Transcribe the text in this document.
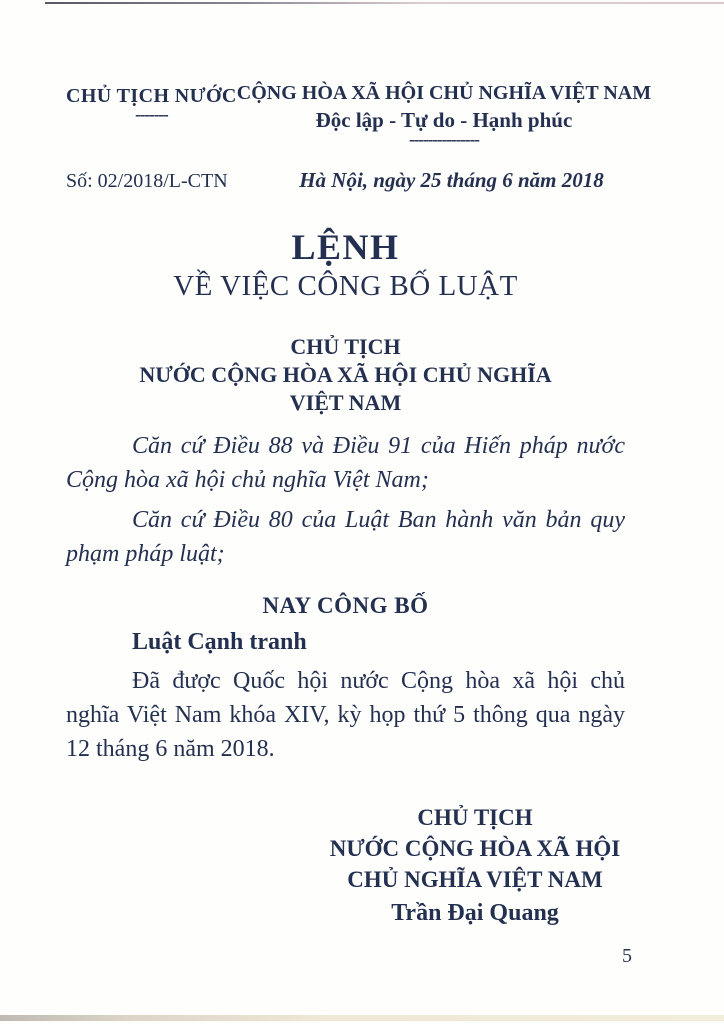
CHỦ TỊCH NƯỚC
-------
CỘNG HÒA XÃ HỘI CHỦ NGHĨA VIỆT NAM
Độc lập - Tự do - Hạnh phúc
---------------
Số: 02/2018/L-CTN	Hà Nội, ngày 25 tháng 6 năm 2018
LỆNH
VỀ VIỆC CÔNG BỐ LUẬT
CHỦ TỊCH
NƯỚC CỘNG HÒA XÃ HỘI CHỦ NGHĨA
VIỆT NAM

Căn cứ Điều 88 và Điều 91 của Hiến pháp nước Cộng hòa xã hội chủ nghĩa Việt Nam;

Căn cứ Điều 80 của Luật Ban hành văn bản quy phạm pháp luật;

NAY CÔNG BỐ
Luật Cạnh tranh

Đã được Quốc hội nước Cộng hòa xã hội chủ nghĩa Việt Nam khóa XIV, kỳ họp thứ 5 thông qua ngày 12 tháng 6 năm 2018.

CHỦ TỊCH
NƯỚC CỘNG HÒA XÃ HỘI
CHỦ NGHĨA VIỆT NAM
Trần Đại Quang
5
